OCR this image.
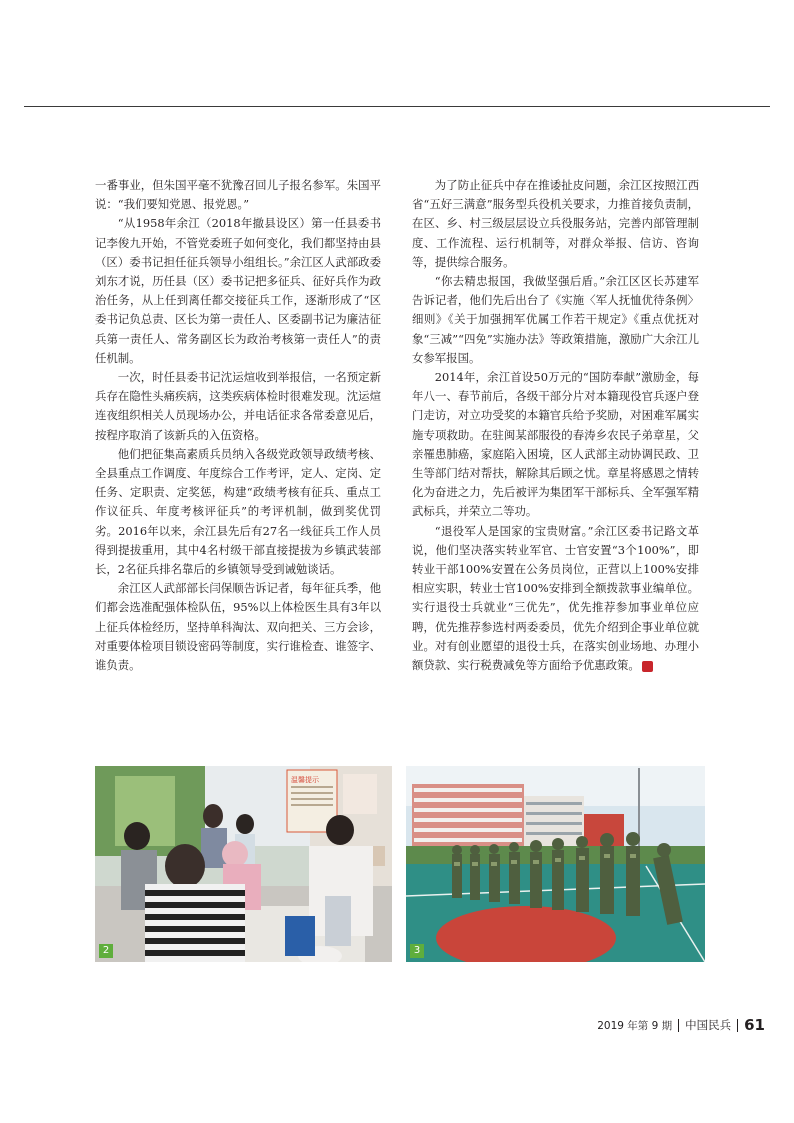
一番事业，但朱国平毫不犹豫召回儿子报名参军。朱国平说：“我们要知党恩、报党恩。”

“从1958年余江（2018年撤县设区）第一任县委书记李俊九开始，不管党委班子如何变化，我们都坚持由县（区）委书记担任征兵领导小组组长。”余江区人武部政委刘东才说，历任县（区）委书记把多征兵、征好兵作为政治任务，从上任到离任都交接征兵工作，逐渐形成了“区委书记负总责、区长为第一责任人、区委副书记为廉洁征兵第一责任人、常务副区长为政治考核第一责任人”的责任机制。

一次，时任县委书记沈运煊收到举报信，一名预定新兵存在隐性头痛疾病，这类疾病体检时很难发现。沈运煊连夜组织相关人员现场办公，并电话征求各常委意见后，按程序取消了该新兵的入伍资格。

他们把征集高素质兵员纳入各级党政领导政绩考核、全县重点工作调度、年度综合工作考评，定人、定岗、定任务、定职责、定奖惩，构建“政绩考核有征兵、重点工作议征兵、年度考核评征兵”的考评机制，做到奖优罚劣。2016年以来，余江县先后有27名一线征兵工作人员得到提拔重用，其中4名村级干部直接提拔为乡镇武装部长，2名征兵排名靠后的乡镇领导受到诫勉谈话。

余江区人武部部长闫保顺告诉记者，每年征兵季，他们都会选准配强体检队伍，95%以上体检医生具有3年以上征兵体检经历，坚持单科淘汰、双向把关、三方会诊，对重要体检项目锁设密码等制度，实行谁检查、谁签字、谁负责。

为了防止征兵中存在推诿扯皮问题，余江区按照江西省“五好三满意”服务型兵役机关要求，力推首接负责制，在区、乡、村三级层层设立兵役服务站，完善内部管理制度、工作流程、运行机制等，对群众举报、信访、咨询等，提供综合服务。

“你去精忠报国，我做坚强后盾。”余江区区长苏建军告诉记者，他们先后出台了《实施〈军人抚恤优待条例〉细则》《关于加强拥军优属工作若干规定》《重点优抚对象“三减”“四免”实施办法》等政策措施，激励广大余江儿女参军报国。

2014年，余江首设50万元的“国防奉献”激励金，每年八一、春节前后，各级干部分片对本籍现役官兵逐户登门走访，对立功受奖的本籍官兵给予奖励，对困难军属实施专项救助。在驻闽某部服役的春涛乡农民子弟章星，父亲罹患肺癌，家庭陷入困境，区人武部主动协调民政、卫生等部门结对帮扶，解除其后顾之忧。章星将感恩之情转化为奋进之力，先后被评为集团军干部标兵、全军强军精武标兵，并荣立二等功。

“退役军人是国家的宝贵财富。”余江区委书记路文革说，他们坚决落实转业军官、士官安置“3个100%”，即转业干部100%安置在公务员岗位，正营以上100%安排相应实职，转业士官100%安排到全额拨款事业编单位。实行退役士兵就业“三优先”，优先推荐参加事业单位应聘，优先推荐参选村两委委员，优先介绍到企事业单位就业。对有创业愿望的退役士兵，在落实创业场地、办理小额贷款、实行税费减免等方面给予优惠政策。	F

温馨提示
2	3
2019 年第 9 期 中国民兵 61
